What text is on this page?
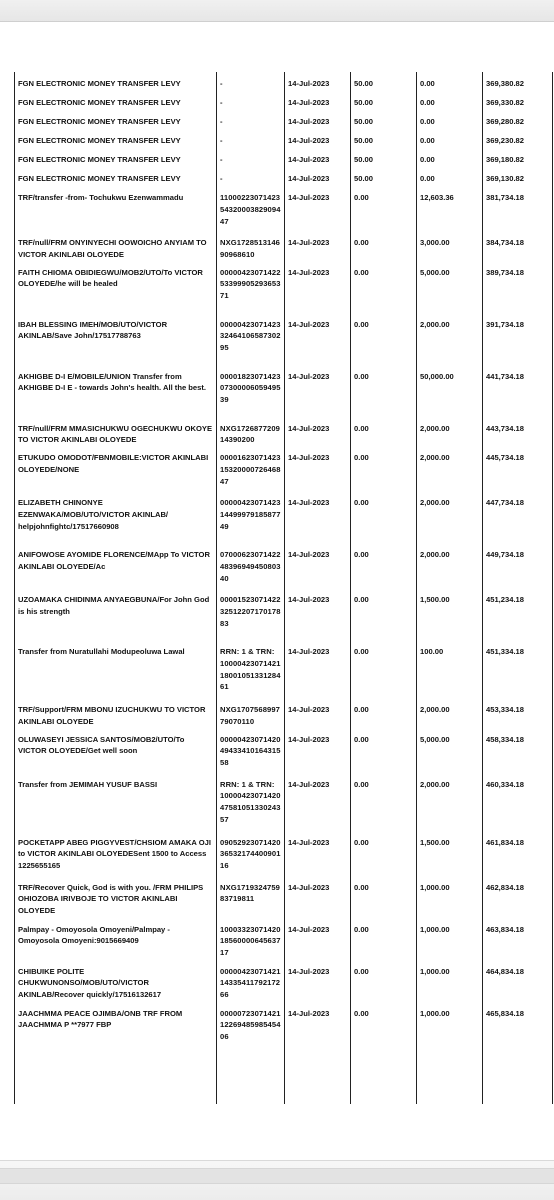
FGN ELECTRONIC MONEY TRANSFER LEVY	-	14-Jul-2023	50.00	0.00	369,380.82
FGN ELECTRONIC MONEY TRANSFER LEVY	-	14-Jul-2023	50.00	0.00	369,330.82
FGN ELECTRONIC MONEY TRANSFER LEVY	-	14-Jul-2023	50.00	0.00	369,280.82
FGN ELECTRONIC MONEY TRANSFER LEVY	-	14-Jul-2023	50.00	0.00	369,230.82
FGN ELECTRONIC MONEY TRANSFER LEVY	-	14-Jul-2023	50.00	0.00	369,180.82
FGN ELECTRONIC MONEY TRANSFER LEVY	-	14-Jul-2023	50.00	0.00	369,130.82
TRF/transfer -from- Tochukwu Ezenwammadu	1100022307142354320003829094 47	14-Jul-2023	0.00	12,603.36	381,734.18
TRF/null/FRM ONYINYECHI OOWOICHO ANYIAM TO VICTOR AKINLABI OLOYEDE	NXG172851314690968610	14-Jul-2023	0.00	3,000.00	384,734.18
FAITH CHIOMA OBIDIEGWU/MOB2/UTO/To VICTOR OLOYEDE/he will be healed	0000042307142253399905293653 71	14-Jul-2023	0.00	5,000.00	389,734.18
IBAH BLESSING IMEH/MOB/UTO/VICTOR AKINLAB/Save John/17517788763	0000042307142332464106587302 95	14-Jul-2023	0.00	2,000.00	391,734.18
AKHIGBE D-I E/MOBILE/UNION Transfer from AKHIGBE D-I E - towards John's health. All the best.	0000182307142307300006059495 39	14-Jul-2023	0.00	50,000.00	441,734.18
TRF/null/FRM MMASICHUKWU OGECHUKWU OKOYE TO VICTOR AKINLABI OLOYEDE	NXG172687720914390200	14-Jul-2023	0.00	2,000.00	443,734.18
ETUKUDO OMODOT/FBNMOBILE:VICTOR AKINLABI OLOYEDE/NONE	0000162307142315320000726468 47	14-Jul-2023	0.00	2,000.00	445,734.18
ELIZABETH CHINONYE EZENWAKA/MOB/UTO/VICTOR AKINLAB/ helpjohnfightc/17517660908	0000042307142314499979185877 49	14-Jul-2023	0.00	2,000.00	447,734.18
ANIFOWOSE AYOMIDE FLORENCE/MApp To VICTOR AKINLABI OLOYEDE/Ac	0700062307142248396949450803 40	14-Jul-2023	0.00	2,000.00	449,734.18
UZOAMAKA CHIDINMA ANYAEGBUNA/For John God is his strength	0000152307142232512207170178 83	14-Jul-2023	0.00	1,500.00	451,234.18
Transfer from Nuratullahi Modupeoluwa Lawal	RRN: 1 & TRN: 1000042307142118001051331284 61	14-Jul-2023	0.00	100.00	451,334.18
TRF/Support/FRM MBONU IZUCHUKWU TO VICTOR AKINLABI OLOYEDE	NXG170756899779070110	14-Jul-2023	0.00	2,000.00	453,334.18
OLUWASEYI JESSICA SANTOS/MOB2/UTO/To VICTOR OLOYEDE/Get well soon	0000042307142049433410164315 58	14-Jul-2023	0.00	5,000.00	458,334.18
Transfer from JEMIMAH YUSUF BASSI	RRN: 1 & TRN: 1000042307142047581051330243 57	14-Jul-2023	0.00	2,000.00	460,334.18
POCKETAPP ABEG PIGGYVEST/CHSIOM AMAKA OJI to VICTOR AKINLABI OLOYEDESent 1500 to Access 1225655165	0905292307142036532174400901 16	14-Jul-2023	0.00	1,500.00	461,834.18
TRF/Recover Quick, God is with you. /FRM PHILIPS OHIOZOBA IRIVBOJE TO VICTOR AKINLABI OLOYEDE	NXG171932475983719811	14-Jul-2023	0.00	1,000.00	462,834.18
Palmpay - Omoyosola Omoyeni/Palmpay - Omoyosola Omoyeni:9015669409	1000332307142018560000645637 17	14-Jul-2023	0.00	1,000.00	463,834.18
CHIBUIKE POLITE CHUKWUNONSO/MOB/UTO/VICTOR AKINLAB/Recover quickly/17516132617	0000042307142114335411792172 66	14-Jul-2023	0.00	1,000.00	464,834.18
JAACHMMA PEACE OJIMBA/ONB TRF FROM JAACHMMA P **7977 FBP	0000072307142112269485985454 06	14-Jul-2023	0.00	1,000.00	465,834.18
